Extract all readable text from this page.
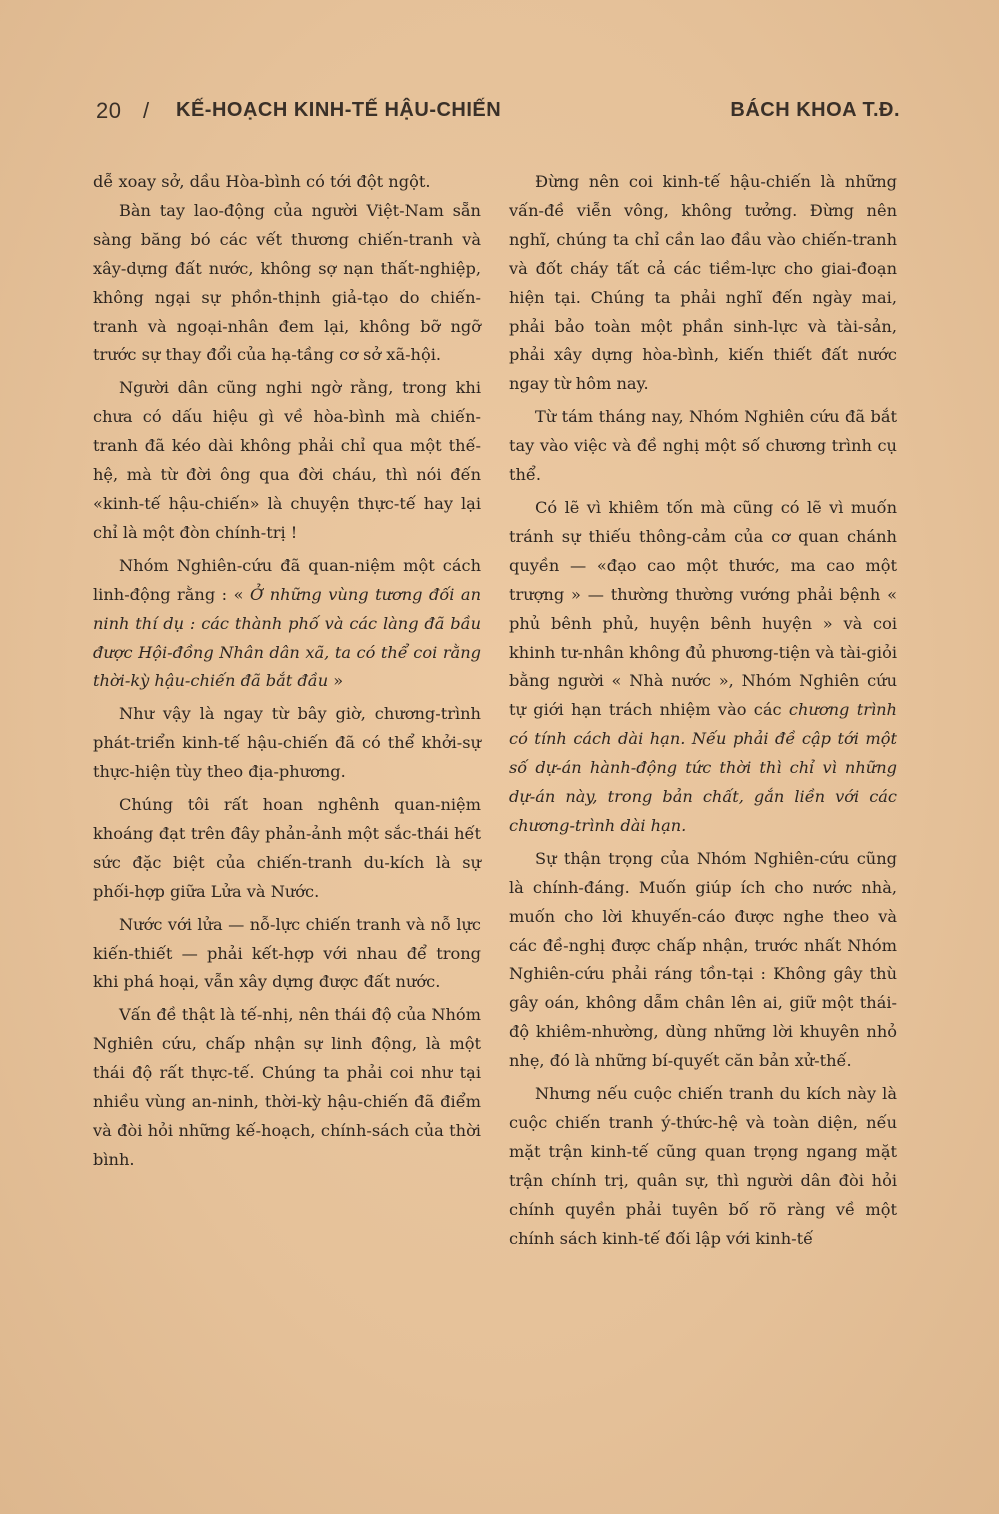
20 / KẾ-HOẠCH KINH-TẾ HẬU-CHIẾN	BÁCH KHOA T.Đ.

dễ xoay sở, dầu Hòa-bình có tới đột ngột.

Bàn tay lao-động của người Việt-Nam sẵn sàng băng bó các vết thương chiến-tranh và xây-dựng đất nước, không sợ nạn thất-nghiệp, không ngại sự phồn-thịnh giả-tạo do chiến-tranh và ngoại-nhân đem lại, không bỡ ngỡ trước sự thay đổi của hạ-tầng cơ sở xã-hội.

Người dân cũng nghi ngờ rằng, trong khi chưa có dấu hiệu gì về hòa-bình mà chiến-tranh đã kéo dài không phải chỉ qua một thế-hệ, mà từ đời ông qua đời cháu, thì nói đến «kinh-tế hậu-chiến» là chuyện thực-tế hay lại chỉ là một đòn chính-trị !

Nhóm Nghiên-cứu đã quan-niệm một cách linh-động rằng : « Ở những vùng tương đối an ninh thí dụ : các thành phố và các làng đã bầu được Hội-đồng Nhân dân xã, ta có thể coi rằng thời-kỳ hậu-chiến đã bắt đầu »

Như vậy là ngay từ bây giờ, chương-trình phát-triển kinh-tế hậu-chiến đã có thể khởi-sự thực-hiện tùy theo địa-phương.

Chúng tôi rất hoan nghênh quan-niệm khoáng đạt trên đây phản-ảnh một sắc-thái hết sức đặc biệt của chiến-tranh du-kích là sự phối-hợp giữa Lửa và Nước.

Nước với lửa — nỗ-lực chiến tranh và nỗ lực kiến-thiết — phải kết-hợp với nhau để trong khi phá hoại, vẫn xây dựng được đất nước.

Vấn đề thật là tế-nhị, nên thái độ của Nhóm Nghiên cứu, chấp nhận sự linh động, là một thái độ rất thực-tế. Chúng ta phải coi như tại nhiều vùng an-ninh, thời-kỳ hậu-chiến đã điểm và đòi hỏi những kế-hoạch, chính-sách của thời bình.

Đừng nên coi kinh-tế hậu-chiến là những vấn-đề viễn vông, không tưởng. Đừng nên nghĩ, chúng ta chỉ cần lao đầu vào chiến-tranh và đốt cháy tất cả các tiềm-lực cho giai-đoạn hiện tại. Chúng ta phải nghĩ đến ngày mai, phải bảo toàn một phần sinh-lực và tài-sản, phải xây dựng hòa-bình, kiến thiết đất nước ngay từ hôm nay.

Từ tám tháng nay, Nhóm Nghiên cứu đã bắt tay vào việc và đề nghị một số chương trình cụ thể.

Có lẽ vì khiêm tốn mà cũng có lẽ vì muốn tránh sự thiếu thông-cảm của cơ quan chánh quyền — «đạo cao một thước, ma cao một trượng » — thường thường vướng phải bệnh « phủ bênh phủ, huyện bênh huyện » và coi khinh tư-nhân không đủ phương-tiện và tài-giỏi bằng người « Nhà nước », Nhóm Nghiên cứu tự giới hạn trách nhiệm vào các chương trình có tính cách dài hạn. Nếu phải đề cập tới một số dự-án hành-động tức thời thì chỉ vì những dự-án này, trong bản chất, gắn liền với các chương-trình dài hạn.

Sự thận trọng của Nhóm Nghiên-cứu cũng là chính-đáng. Muốn giúp ích cho nước nhà, muốn cho lời khuyến-cáo được nghe theo và các đề-nghị được chấp nhận, trước nhất Nhóm Nghiên-cứu phải ráng tồn-tại : Không gây thù gây oán, không dẫm chân lên ai, giữ một thái-độ khiêm-nhường, dùng những lời khuyên nhỏ nhẹ, đó là những bí-quyết căn bản xử-thế.

Nhưng nếu cuộc chiến tranh du kích này là cuộc chiến tranh ý-thức-hệ và toàn diện, nếu mặt trận kinh-tế cũng quan trọng ngang mặt trận chính trị, quân sự, thì người dân đòi hỏi chính quyền phải tuyên bố rõ ràng về một chính sách kinh-tế đối lập với kinh-tế
